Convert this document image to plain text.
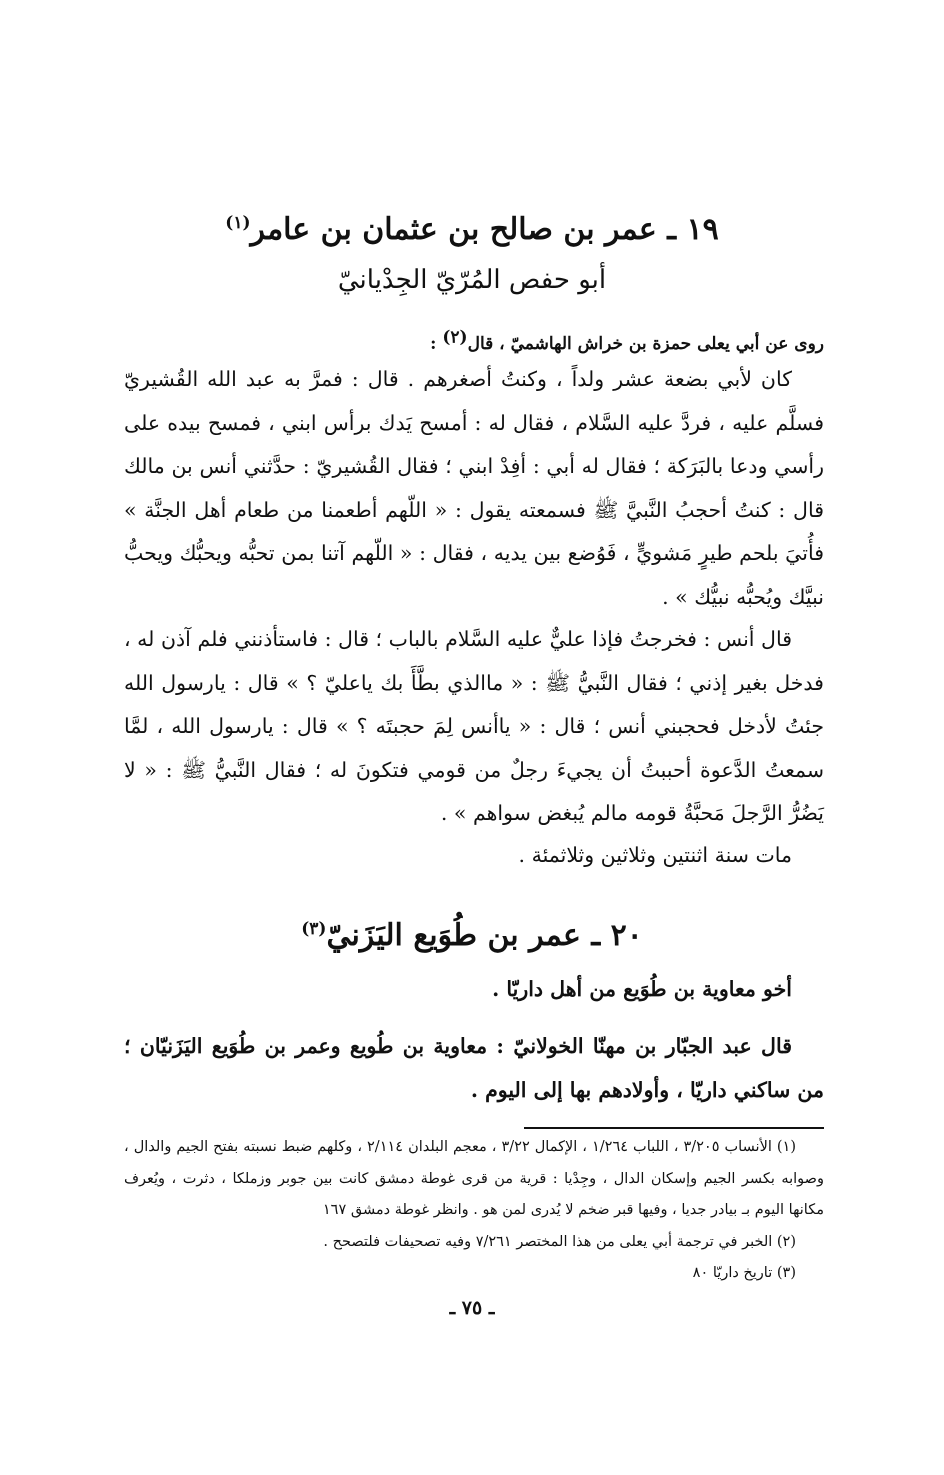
١٩ ـ عمر بن صالح بن عثمان بن عامر$^{(١)}$
أبو حفص المُرّيّ الجِدْيانيّ
روى عن أبي يعلى حمزة بن خراش الهاشميّ ، قال$^{(٢)}$ :
كان لأبي بضعة عشر ولداً ، وكنتُ أصغرهم . قال : فمرَّ به عبد الله القُشيريّ فسلَّم عليه ، فردَّ عليه السَّلام ، فقال له : أمسح يَدك برأس ابني ، فمسح بيده على رأسي ودعا بالبَرَكة ؛ فقال له أبي : أفِدْ ابني ؛ فقال القُشيريّ : حدَّثني أنس بن مالك قال : كنتُ أحجبُ النَّبيَّ ﷺ فسمعته يقول : « اللّهم أطعمنا من طعام أهل الجنَّة » فأُتيَ بلحم طيرٍ مَشويٍّ ، فَوُضع بين يديه ، فقال : « اللّهم آتنا بمن تحبُّه ويحبُّك ويحبُّ نبيَّك ويُحبُّه نبيُّك » .
قال أنس : فخرجتُ فإذا عليٌّ عليه السَّلام بالباب ؛ قال : فاستأذنني فلم آذن له ، فدخل بغير إذني ؛ فقال النَّبيُّ ﷺ : « ماالذي بطَّأَ بك ياعليّ ؟ » قال : يارسول الله جئتُ لأدخل فحجبني أنس ؛ قال : « ياأنس لِمَ حجبتَه ؟ » قال : يارسول الله ، لمَّا سمعتُ الدَّعوة أحببتُ أن يجيءَ رجلٌ من قومي فتكونَ له ؛ فقال النَّبيُّ ﷺ : « لا يَضُرُّ الرَّجلَ مَحبَّةُ قومه مالم يُبغض سواهم » .
مات سنة اثنتين وثلاثين وثلاثمئة .
٢٠ ـ عمر بن طُوَيع اليَزَنيّ$^{(٣)}$
أخو معاوية بن طُوَيع من أهل داريّا .
قال عبد الجبّار بن مهنّا الخولانيّ : معاوية بن طُويع وعمر بن طُوَيع اليَزَنيّان ؛ من ساكني داريّا ، وأولادهم بها إلى اليوم .

(١) الأنساب ٣/٢٠٥ ، اللباب ١/٢٦٤ ، الإكمال ٣/٢٢ ، معجم البلدان ٢/١١٤ ، وكلهم ضبط نسبته بفتح الجيم والدال ، وصوابه بكسر الجيم وإسكان الدال ، وجِدْيا : قرية من قرى غوطة دمشق كانت بين جوبر وزملكا ، دثرت ، ويُعرف مكانها اليوم بـ بيادر جديا ، وفيها قبر ضخم لا يُدرى لمن هو . وانظر غوطة دمشق ١٦٧

(٢) الخبر في ترجمة أبي يعلى من هذا المختصر ٧/٢٦١ وفيه تصحيفات فلتصحح .

(٣) تاريخ داريّا ٨٠

ـ ٧٥ ـ
